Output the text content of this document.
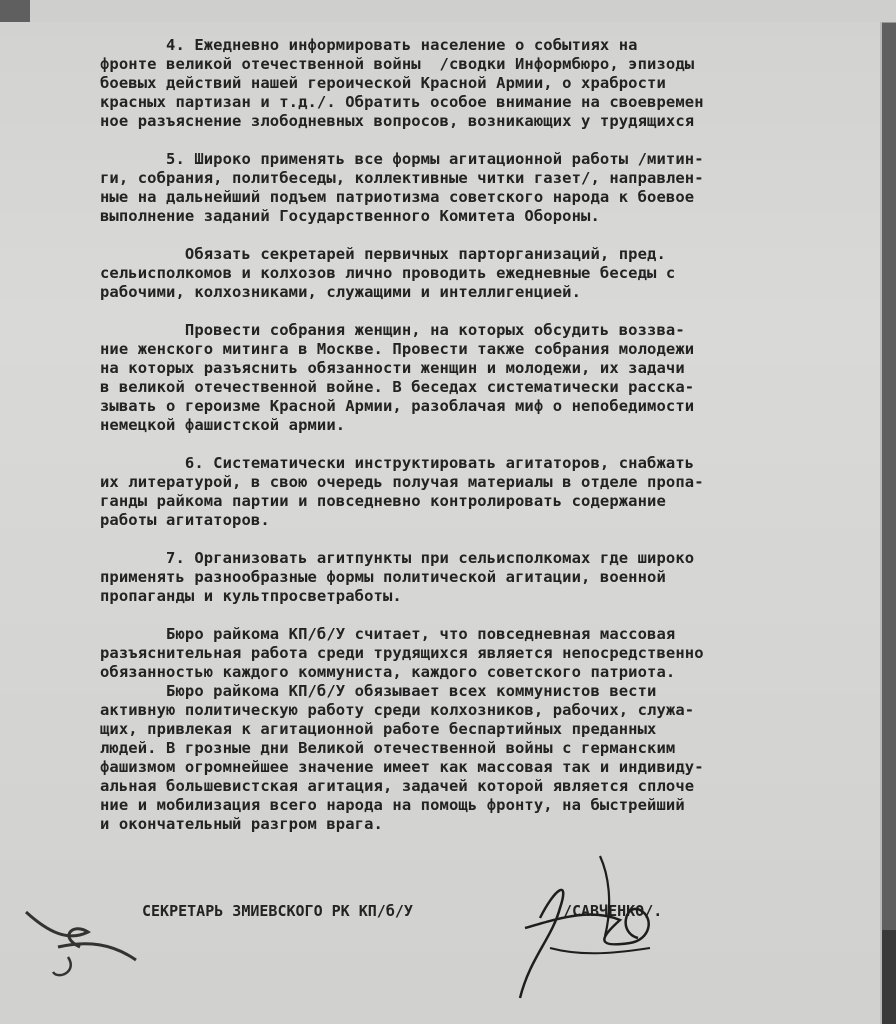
4. Ежедневно информировать население о событиях на
фронте великой отечественной войны  /сводки Информбюро, эпизоды
боевых действий нашей героической Красной Армии, о храбрости
красных партизан и т.д./. Обратить особое внимание на своевремен
ное разъяснение злободневных вопросов, возникающих у трудящихся
5. Широко применять все формы агитационной работы /митин-
ги, собрания, политбеседы, коллективные читки газет/, направлен-
ные на дальнейший подъем патриотизма советского народа к боевое
выполнение заданий Государственного Комитета Обороны.
Обязать секретарей первичных парторганизаций, пред.
сельисполкомов и колхозов лично проводить ежедневные беседы с
рабочими, колхозниками, служащими и интеллигенцией.
Провести собрания женщин, на которых обсудить воззва-
ние женского митинга в Москве. Провести также собрания молодежи
на которых разъяснить обязанности женщин и молодежи, их задачи
в великой отечественной войне. В беседах систематически расска-
зывать о героизме Красной Армии, разоблачая миф о непобедимости
немецкой фашистской армии.
6. Систематически инструктировать агитаторов, снабжать
их литературой, в свою очередь получая материалы в отделе пропа-
ганды райкома партии и повседневно контролировать содержание
работы агитаторов.
7. Организовать агитпункты при сельисполкомах где широко
применять разнообразные формы политической агитации, военной
пропаганды и культпросветработы.
Бюро райкома КП/б/У считает, что повседневная массовая
разъяснительная работа среди трудящихся является непосредственно
обязанностью каждого коммуниста, каждого советского патриота.
Бюро райкома КП/б/У обязывает всех коммунистов вести
активную политическую работу среди колхозников, рабочих, служа-
щих, привлекая к агитационной работе беспартийных преданных
людей. В грозные дни Великой отечественной войны с германским
фашизмом огромнейшее значение имеет как массовая так и индивиду-
альная большевистская агитация, задачей которой является сплоче
ние и мобилизация всего народа на помощь фронту, на быстрейший
и окончательный разгром врага.
СЕКРЕТАРЬ ЗМИЕВСКОГО РК КП/б/У	/САВЧЕНКО/.
